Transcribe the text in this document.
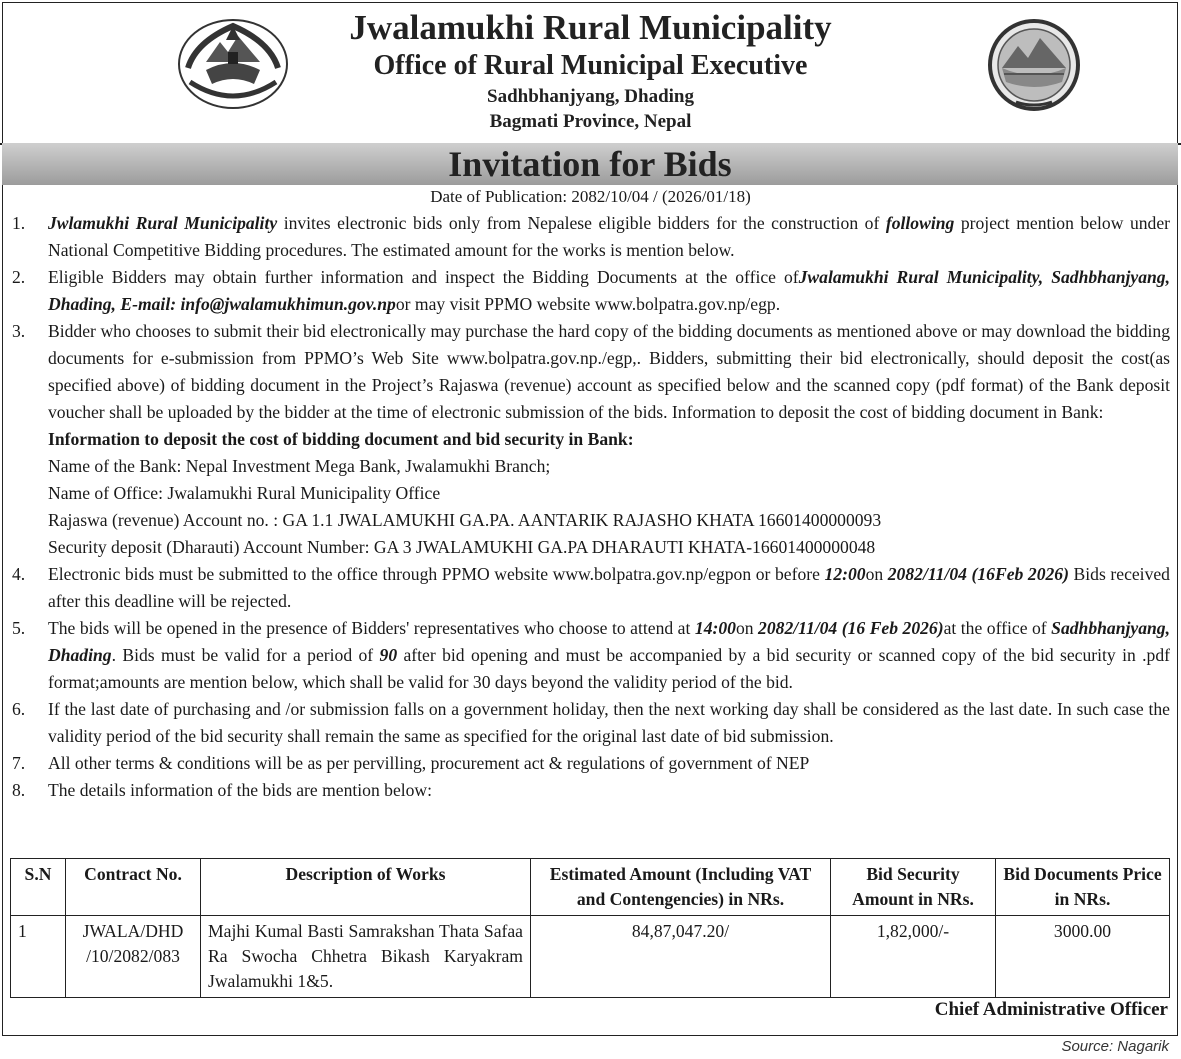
Jwalamukhi Rural Municipality
Office of Rural Municipal Executive
Sadhbhanjyang, Dhading
Bagmati Province, Nepal
Invitation for Bids
Date of Publication: 2082/10/04 / (2026/01/18)
1. Jwlamukhi Rural Municipality invites electronic bids only from Nepalese eligible bidders for the construction of following project mention below under National Competitive Bidding procedures. The estimated amount for the works is mention below.
2. Eligible Bidders may obtain further information and inspect the Bidding Documents at the office ofJwalamukhi Rural Municipality, Sadhbhanjyang, Dhading, E-mail: info@jwalamukhimun.gov.npor may visit PPMO website www.bolpatra.gov.np/egp.
3. Bidder who chooses to submit their bid electronically may purchase the hard copy of the bidding documents as mentioned above or may download the bidding documents for e-submission from PPMO’s Web Site www.bolpatra.gov.np./egp,. Bidders, submitting their bid electronically, should deposit the cost(as specified above) of bidding document in the Project’s Rajaswa (revenue) account as specified below and the scanned copy (pdf format) of the Bank deposit voucher shall be uploaded by the bidder at the time of electronic submission of the bids. Information to deposit the cost of bidding document in Bank:
Information to deposit the cost of bidding document and bid security in Bank:
Name of the Bank: Nepal Investment Mega Bank, Jwalamukhi Branch;
Name of Office: Jwalamukhi Rural Municipality Office
Rajaswa (revenue) Account no. : GA 1.1 JWALAMUKHI GA.PA. AANTARIK RAJASHO KHATA 16601400000093
Security deposit (Dharauti) Account Number: GA 3 JWALAMUKHI GA.PA DHARAUTI KHATA-16601400000048
4. Electronic bids must be submitted to the office through PPMO website www.bolpatra.gov.np/egpon or before 12:00on 2082/11/04 (16Feb 2026) Bids received after this deadline will be rejected.
5. The bids will be opened in the presence of Bidders' representatives who choose to attend at 14:00on 2082/11/04 (16 Feb 2026)at the office of Sadhbhanjyang, Dhading. Bids must be valid for a period of 90 after bid opening and must be accompanied by a bid security or scanned copy of the bid security in .pdf format;amounts are mention below, which shall be valid for 30 days beyond the validity period of the bid.
6. If the last date of purchasing and /or submission falls on a government holiday, then the next working day shall be considered as the last date. In such case the validity period of the bid security shall remain the same as specified for the original last date of bid submission.
7. All other terms & conditions will be as per pervilling, procurement act & regulations of government of NEP
8. The details information of the bids are mention below:
S.N	Contract No.	Description of Works	Estimated Amount (Including VAT and Contengencies) in NRs.	Bid Security Amount in NRs.	Bid Documents Price in NRs.
1	JWALA/DHD /10/2082/083	Majhi Kumal Basti Samrakshan Thata Safaa Ra Swocha Chhetra Bikash Karyakram Jwalamukhi 1&5.	84,87,047.20/	1,82,000/-	3000.00
Chief Administrative Officer
Source: Nagarik
